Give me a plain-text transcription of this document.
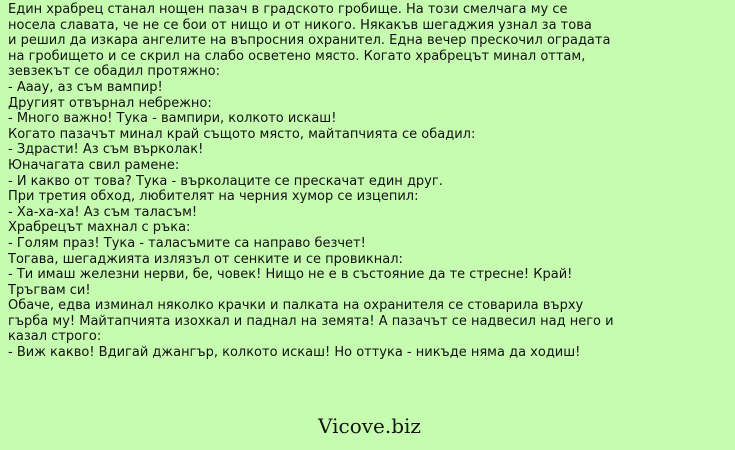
Един храбрец станал нощен пазач в градското гробище. На този смелчага му се
носела славата, че не се бои от нищо и от никого. Някакъв шегаджия узнал за това
и решил да изкара ангелите на въпросния охранител. Една вечер прескочил оградата
на гробището и се скрил на слабо осветено място. Когато храбрецът минал оттам,
зевзекът се обадил протяжно:
- Ааау, аз съм вампир!
Другият отвърнал небрежно:
- Много важно! Тука - вампири, колкото искаш!
Когато пазачът минал край същото място, майтапчията се обадил:
- Здрасти! Аз съм върколак!
Юначагата свил рамене:
- И какво от това? Тука - върколаците се прескачат един друг.
При третия обход, любителят на черния хумор се изцепил:
- Ха-ха-ха! Аз съм таласъм!
Храбрецът махнал с ръка:
- Голям праз! Тука - таласъмите са направо безчет!
Тогава, шегаджията излязъл от сенките и се провикнал:
- Ти имаш железни нерви, бе, човек! Нищо не е в състояние да те стресне! Край!
Тръгвам си!
Обаче, едва изминал няколко крачки и палката на охранителя се стоварила върху
гърба му! Майтапчията изохкал и паднал на земята! А пазачът се надвесил над него и
казал строго:
- Виж какво! Вдигай джангър, колкото искаш! Но оттука - никъде няма да ходиш!
Vicove.biz
